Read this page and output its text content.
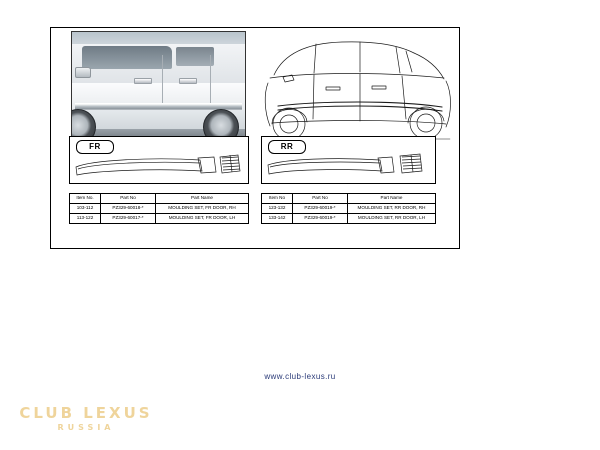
FR	RR
Item No.	Part No	Part Name
103-112	PZ329-60018-*	MOULDING SET, FR DOOR, RH
113-122	PZ329-60017-*	MOULDING SET, FR DOOR, LH
Item No	Part No	Part Name
123-132	PZ329-60019-*	MOULDING SET, RR DOOR, RH
133-142	PZ329-60019-*	MOULDING SET, RR DOOR, LH
www.club-lexus.ru
CLUB LEXUS
RUSSIA
